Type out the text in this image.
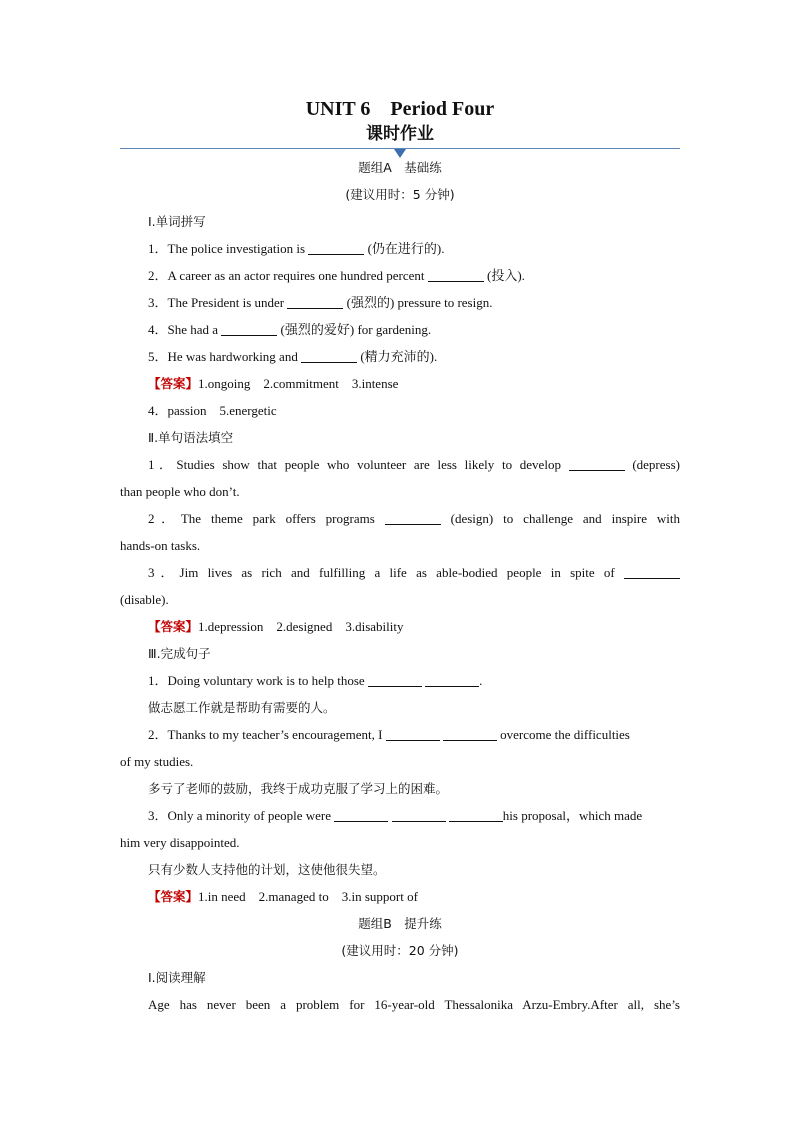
UNIT 6　Period Four
课时作业
题组A　基础练
(建议用时：5 分钟)
Ⅰ.单词拼写
1．The police investigation is	(仍在进行的).
2．A career as an actor requires one hundred percent	(投入).
3．The President is under	(强烈的) pressure to resign.
4．She had a	(强烈的爱好) for gardening.
5．He was hardworking and	(精力充沛的).
【答案】1.ongoing　2.commitment　3.intense
4．passion　5.energetic
Ⅱ.单句语法填空
1．Studies show that people who volunteer are less likely to develop	(depress)
than people who don’t.
2．The theme park offers programs	(design) to challenge and inspire with
hands-on tasks.
3．Jim lives as rich and fulfilling a life as able-bodied people in spite of
(disable).
【答案】1.depression　2.designed　3.disability
Ⅲ.完成句子
1．Doing voluntary work is to help those	.
做志愿工作就是帮助有需要的人。
2．Thanks to my teacher’s encouragement, I	overcome the difficulties
of my studies.
多亏了老师的鼓励，我终于成功克服了学习上的困难。
3．Only a minority of people were	his proposal，which made
him very disappointed.
只有少数人支持他的计划，这使他很失望。
【答案】1.in need　2.managed to　3.in support of
题组B　提升练
(建议用时：20 分钟)
Ⅰ.阅读理解
Age has never been a problem for 16-year-old Thessalonika Arzu-Embry.After all, she’s
